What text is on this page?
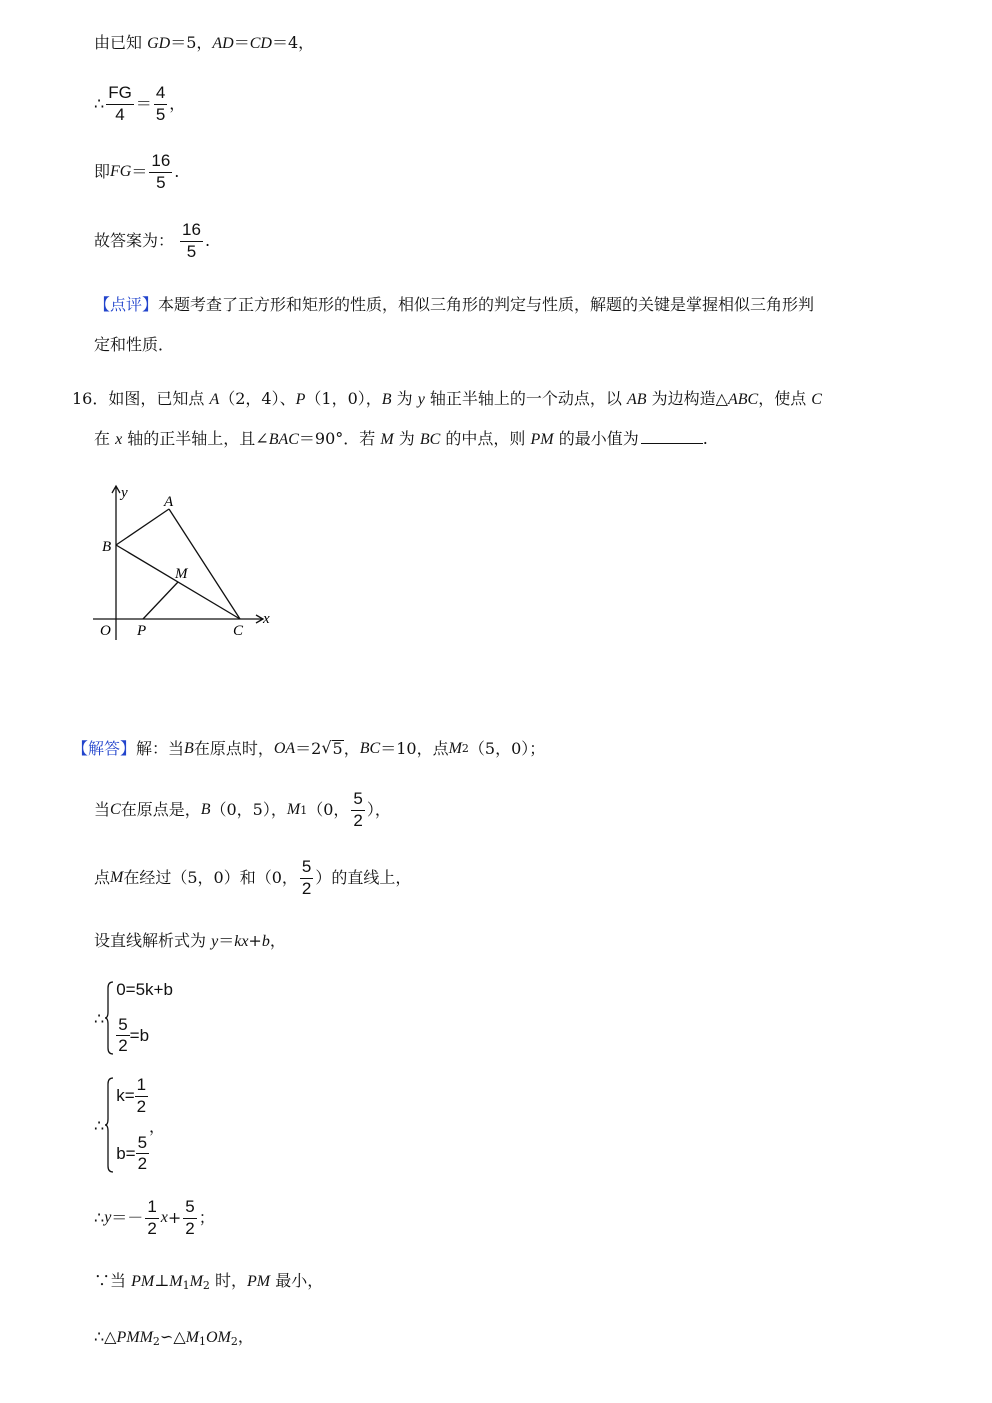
由已知 GD＝5，AD＝CD＝4，
∴ $\frac{FG}{4} = \frac{4}{5}$ ，
即 FG ＝ $\frac{16}{5}$ .
故答案为： $\frac{16}{5}$ .
【点评】本题考查了正方形和矩形的性质，相似三角形的判定与性质，解题的关键是掌握相似三角形判
定和性质．
16．如图，已知点 A（2，4）、P（1，0），B 为 y 轴正半轴上的一个动点，以 AB 为边构造△ABC，使点 C
在 x 轴的正半轴上，且∠BAC＝90°．若 M 为 BC 的中点，则 PM 的最小值为	.
y
A
B
M
O P	C
x
【解答】 解：当 B 在原点时， OA ＝2 √ 5 ， BC ＝10，点 M 2 （5，0）；
当 C 在原点是， B （0，5）， M 1 （0， $\frac{5}{2}$ ），
点 M 在经过（5，0）和（0， $\frac{5}{2}$ ）的直线上，
设直线解析式为 y＝kx+b，
∴
0=5k+b
$\frac{5}{2} =b$
∴
$k= \frac{1}{2}$
$b= \frac{5}{2}$
，
∴ $y =- \frac{1}{2}$ $x + \frac{5}{2}$ ；
∵当 $PM\perp M_1M_2$ 时，PM 最小，
$\therefore\triangle PMM_2∽\triangle M_1OM_2$，
